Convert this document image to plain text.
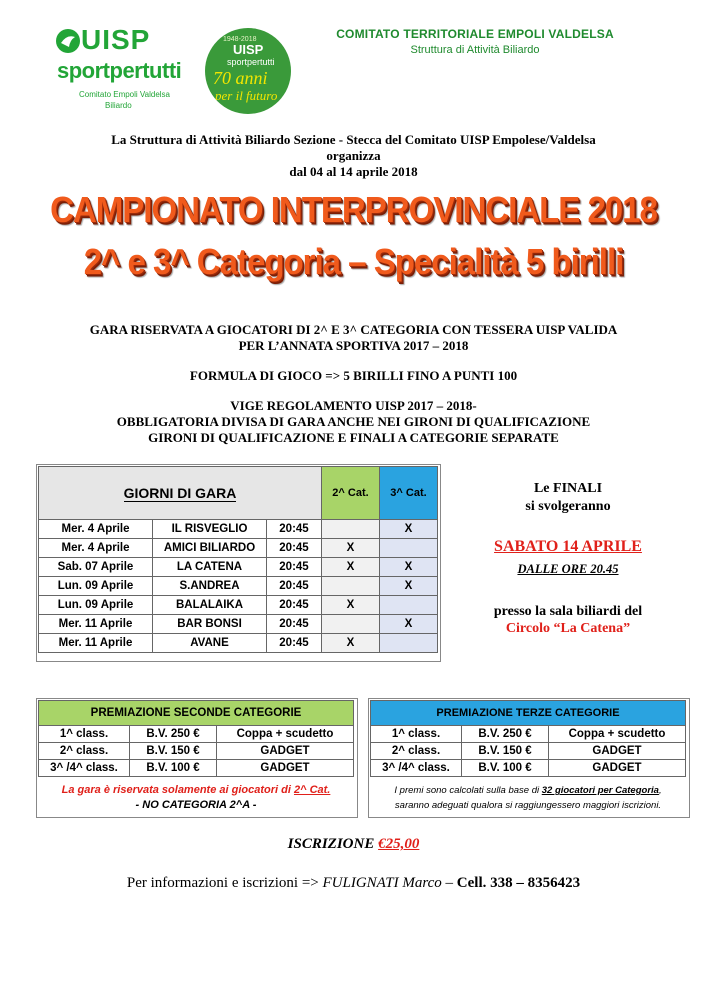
UISP
sportpertutti
Comitato Empoli Valdelsa
Biliardo
1948-2018
UISP
sportpertutti
70 anni
per il futuro
COMITATO TERRITORIALE EMPOLI VALDELSA
Struttura di Attività Biliardo
La Struttura di Attività Biliardo Sezione - Stecca del Comitato UISP Empolese/Valdelsa
organizza
dal 04 al 14 aprile 2018
CAMPIONATO INTERPROVINCIALE 2018
2^ e 3^ Categoria – Specialità 5 birilli

GARA RISERVATA A GIOCATORI DI 2^ E 3^ CATEGORIA CON TESSERA UISP VALIDA

PER L’ANNATA SPORTIVA 2017 – 2018

FORMULA DI GIOCO => 5 BIRILLI FINO A PUNTI 100

VIGE REGOLAMENTO UISP 2017 – 2018-

OBBLIGATORIA DIVISA DI GARA ANCHE NEI GIRONI DI QUALIFICAZIONE

GIRONI DI QUALIFICAZIONE E FINALI A CATEGORIE SEPARATE

GIORNI DI GARA			2^ Cat.	3^ Cat.
Mer. 4 Aprile	IL RISVEGLIO	20:45		X
Mer. 4 Aprile	AMICI BILIARDO	20:45	X	
Sab. 07 Aprile	LA CATENA	20:45	X	X
Lun. 09 Aprile	S.ANDREA	20:45		X
Lun. 09 Aprile	BALALAIKA	20:45	X	
Mer. 11 Aprile	BAR BONSI	20:45		X
Mer. 11 Aprile	AVANE	20:45	X	
Le FINALI
si svolgeranno
SABATO 14 APRILE
DALLE ORE 20.45
presso la sala biliardi del
Circolo “La Catena”
PREMIAZIONE SECONDE CATEGORIE		
1^ class.	B.V. 250 €	Coppa + scudetto
2^ class.	B.V. 150 €	GADGET
3^ /4^ class.	B.V. 100 €	GADGET
PREMIAZIONE TERZE CATEGORIE		
1^ class.	B.V. 250 €	Coppa + scudetto
2^ class.	B.V. 150 €	GADGET
3^ /4^ class.	B.V. 100 €	GADGET
La gara è riservata solamente ai giocatori di 2^ Cat.
- NO CATEGORIA 2^A -
I premi sono calcolati sulla base di 32 giocatori per Categoria,
saranno adeguati qualora si raggiungessero maggiori iscrizioni.
ISCRIZIONE €25,00
Per informazioni e iscrizioni => FULIGNATI Marco – Cell. 338 – 8356423
